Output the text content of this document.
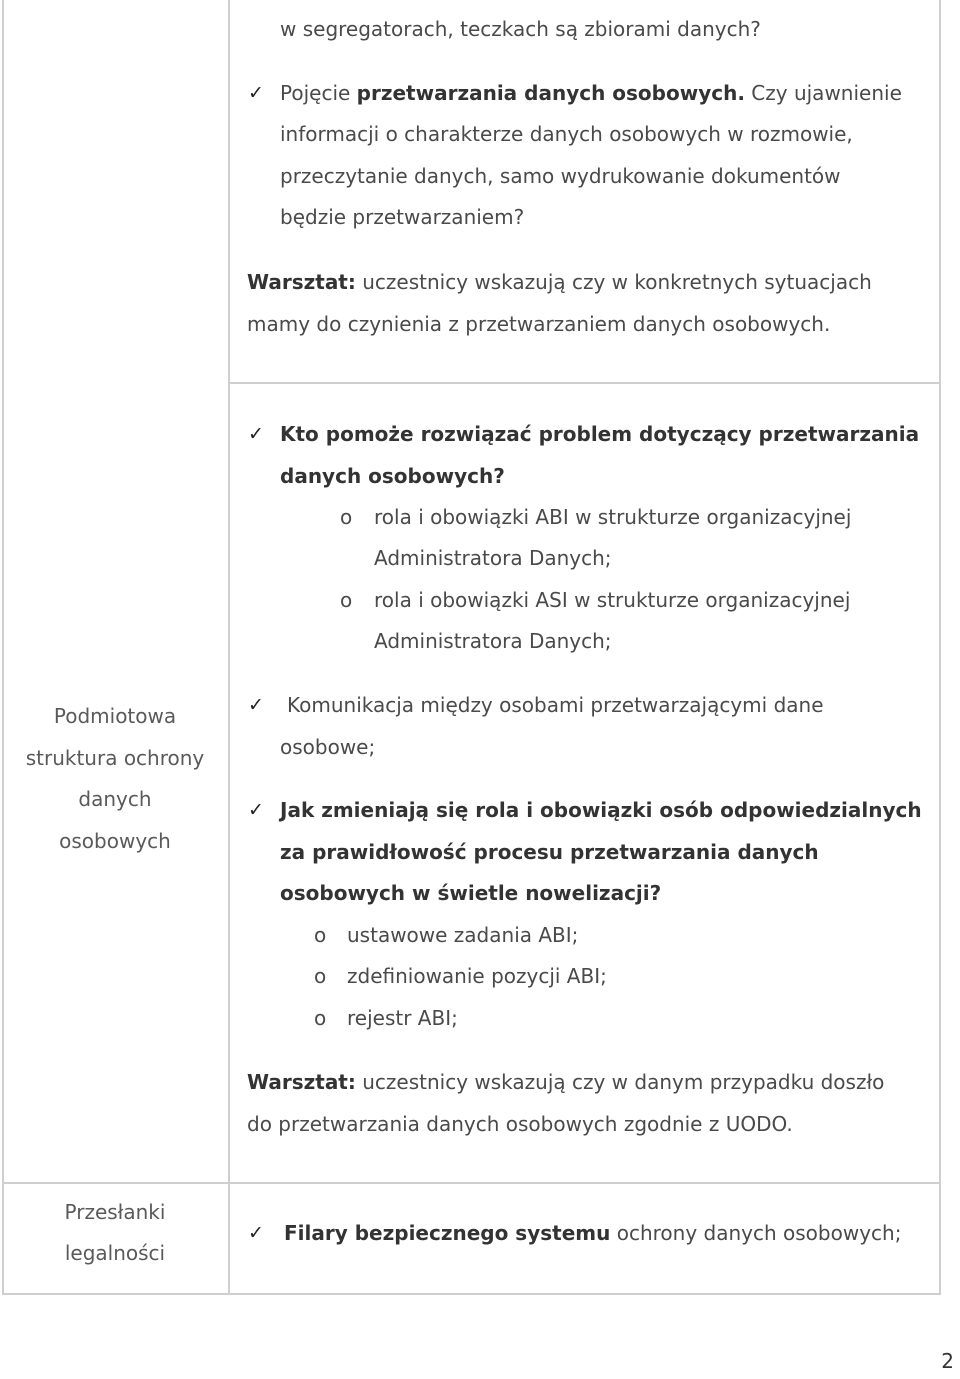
w segregatorach, teczkach są zbiorami danych?
✓ Pojęcie przetwarzania danych osobowych. Czy ujawnienie
informacji o charakterze danych osobowych w rozmowie,
przeczytanie danych, samo wydrukowanie dokumentów
będzie przetwarzaniem?
Warsztat: uczestnicy wskazują czy w konkretnych sytuacjach
mamy do czynienia z przetwarzaniem danych osobowych.
Podmiotowa
struktura ochrony
danych
osobowych
✓ Kto pomoże rozwiązać problem dotyczący przetwarzania
danych osobowych?
o rola i obowiązki ABI w strukturze organizacyjnej
Administratora Danych;
o rola i obowiązki ASI w strukturze organizacyjnej
Administratora Danych;
✓ Komunikacja między osobami przetwarzającymi dane
osobowe;
✓ Jak zmieniają się rola i obowiązki osób odpowiedzialnych
za prawidłowość procesu przetwarzania danych
osobowych w świetle nowelizacji?
o ustawowe zadania ABI;
o zdefiniowanie pozycji ABI;
o rejestr ABI;
Warsztat: uczestnicy wskazują czy w danym przypadku doszło
do przetwarzania danych osobowych zgodnie z UODO.
Przesłanki
legalności
✓ Filary bezpiecznego systemu ochrony danych osobowych;
2
